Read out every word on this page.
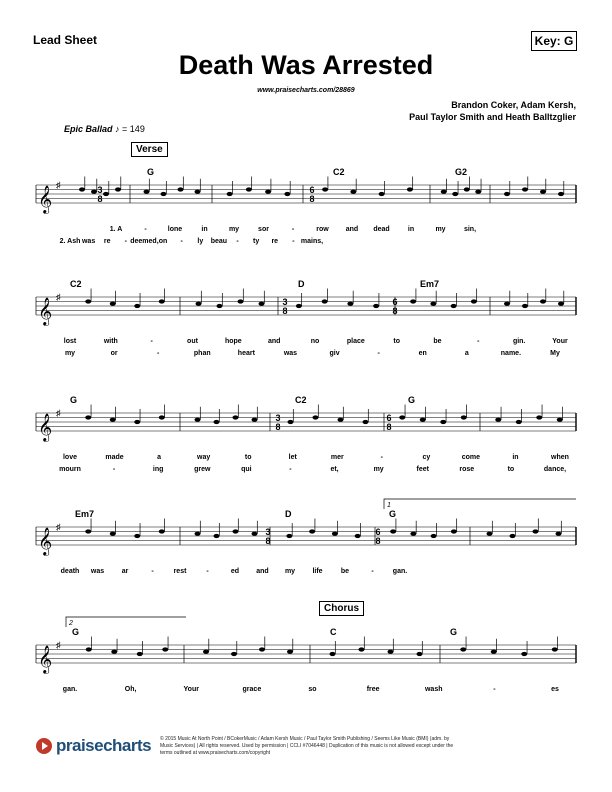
Lead Sheet	Key: G
Death Was Arrested
www.praisecharts.com/28869
Brandon Coker, Adam Kersh,
Paul Taylor Smith and Heath Balltzglier
Epic Ballad ♪ = 149
Verse
Chorus
𝄞
♯
G	C2	G2
1. A	-	lone	in	my	sor	-	row and dead	in	my	sin,
2. Ash was re - deemed, on - ly beau - ty re - mains,
𝄞
♯
C2	D	Em7
lost	with	-	out	hope	and	no	place	to	be	-	gin.	Your
my	or	-	phan	heart	was	giv	-	en	a	name.	My
𝄞
♯
G	C2	G
love	made	a	way	to	let	mer	-	cy	come	in	when
mourn	-	ing	grew	qui	-	et,	my	feet	rose	to	dance,
𝄞
♯
Em7	D	G
1
death was	ar	-	rest	-	ed and my life	be	-	gan.
𝄞
♯
G	C	G
2
gan.	Oh,	Your	grace	so	free	wash	-	es
3
8
6
8
3
8
6
8
3
8
6
8
3
8
6
8
praisecharts © 2015 Music At North Point / BCokerMusic / Adam Kersh Music / Paul Taylor Smith Publishing / Seems Like Music (BMI) (adm. by Music Services) | All rights reserved. Used by permission | CCLI #7046448 | Duplication of this music is not allowed except under the terms outlined at www.praisecharts.com/copyright
